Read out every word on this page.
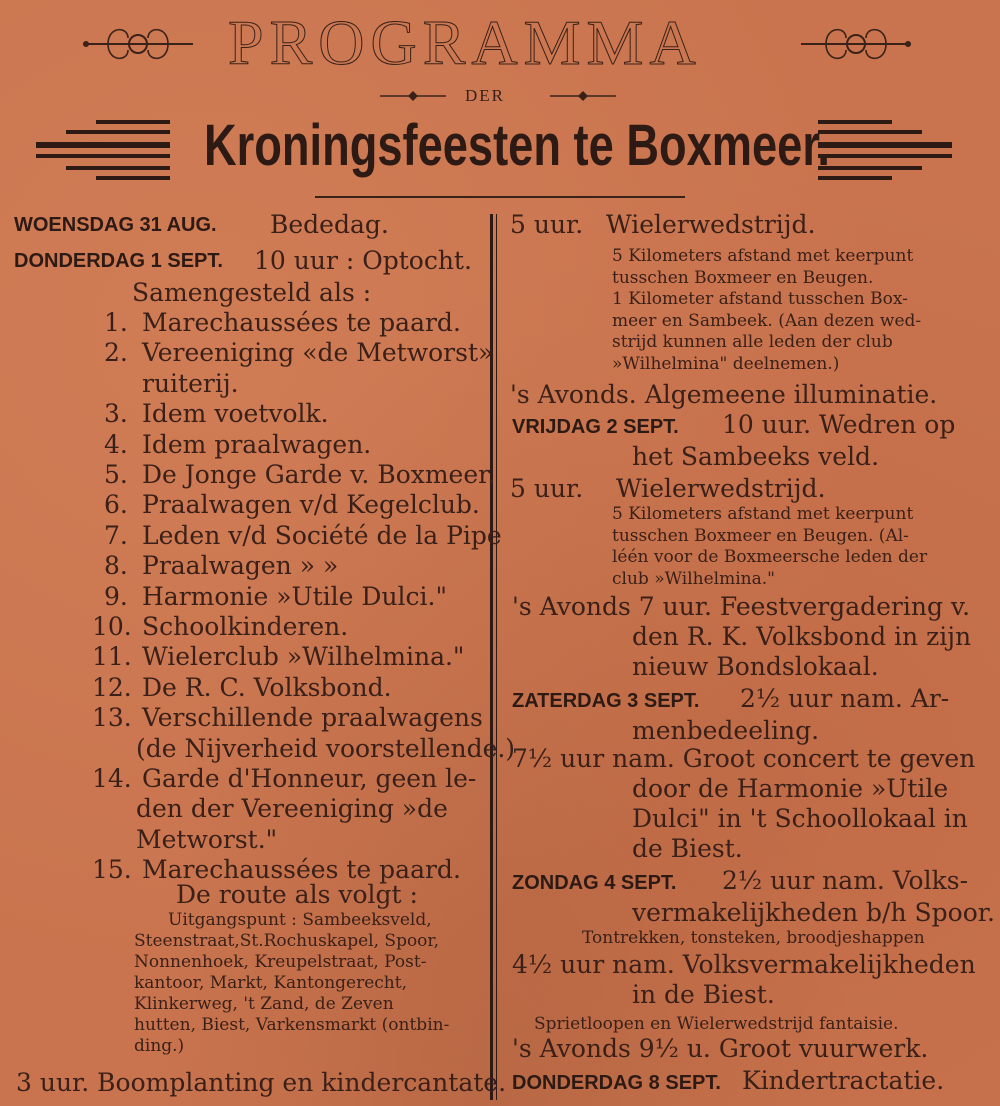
PROGRAMMA
DER
Kroningsfeesten te Boxmeer.
WOENSDAG 31 AUG. Bededag.
DONDERDAG 1 SEPT. 10 uur : Optocht.
Samengesteld als :
1. Marechaussées te paard.
2. Vereeniging «de Metworst»
ruiterij.
3. Idem voetvolk.
4. Idem praalwagen.
5. De Jonge Garde v. Boxmeer.
6. Praalwagen v/d Kegelclub.
7. Leden v/d Société de la Pipe
8. Praalwagen » »
9. Harmonie »Utile Dulci."
10. Schoolkinderen.
11. Wielerclub »Wilhelmina."
12. De R. C. Volksbond.
13. Verschillende praalwagens
(de Nijverheid voorstellende.)
14. Garde d'Honneur, geen le-
den der Vereeniging »de
Metworst."
15. Marechaussées te paard.
De route als volgt :
Uitgangspunt : Sambeeksveld,
Steenstraat,St.Rochuskapel, Spoor,
Nonnenhoek, Kreupelstraat, Post-
kantoor, Markt, Kantongerecht,
Klinkerweg, 't Zand, de Zeven
hutten, Biest, Varkensmarkt (ontbin-
ding.)
3 uur. Boomplanting en kindercantate.
5 uur. Wielerwedstrijd.
5 Kilometers afstand met keerpunt
tusschen Boxmeer en Beugen.
1 Kilometer afstand tusschen Box-
meer en Sambeek. (Aan dezen wed-
strijd kunnen alle leden der club
»Wilhelmina" deelnemen.)
's Avonds. Algemeene illuminatie.
VRIJDAG 2 SEPT. 10 uur. Wedren op
het Sambeeks veld.
5 uur. Wielerwedstrijd.
5 Kilometers afstand met keerpunt
tusschen Boxmeer en Beugen. (Al-
léén voor de Boxmeersche leden der
club »Wilhelmina."
's Avonds 7 uur. Feestvergadering v.
den R. K. Volksbond in zijn
nieuw Bondslokaal.
ZATERDAG 3 SEPT. 2½ uur nam. Ar-
menbedeeling.
7½ uur nam. Groot concert te geven
door de Harmonie »Utile
Dulci" in 't Schoollokaal in
de Biest.
ZONDAG 4 SEPT. 2½ uur nam. Volks-
vermakelijkheden b/h Spoor.
Tontrekken, tonsteken, broodjeshappen
4½ uur nam. Volksvermakelijkheden
in de Biest.
Sprietloopen en Wielerwedstrijd fantaisie.
's Avonds 9½ u. Groot vuurwerk.
DONDERDAG 8 SEPT. Kindertractatie.
